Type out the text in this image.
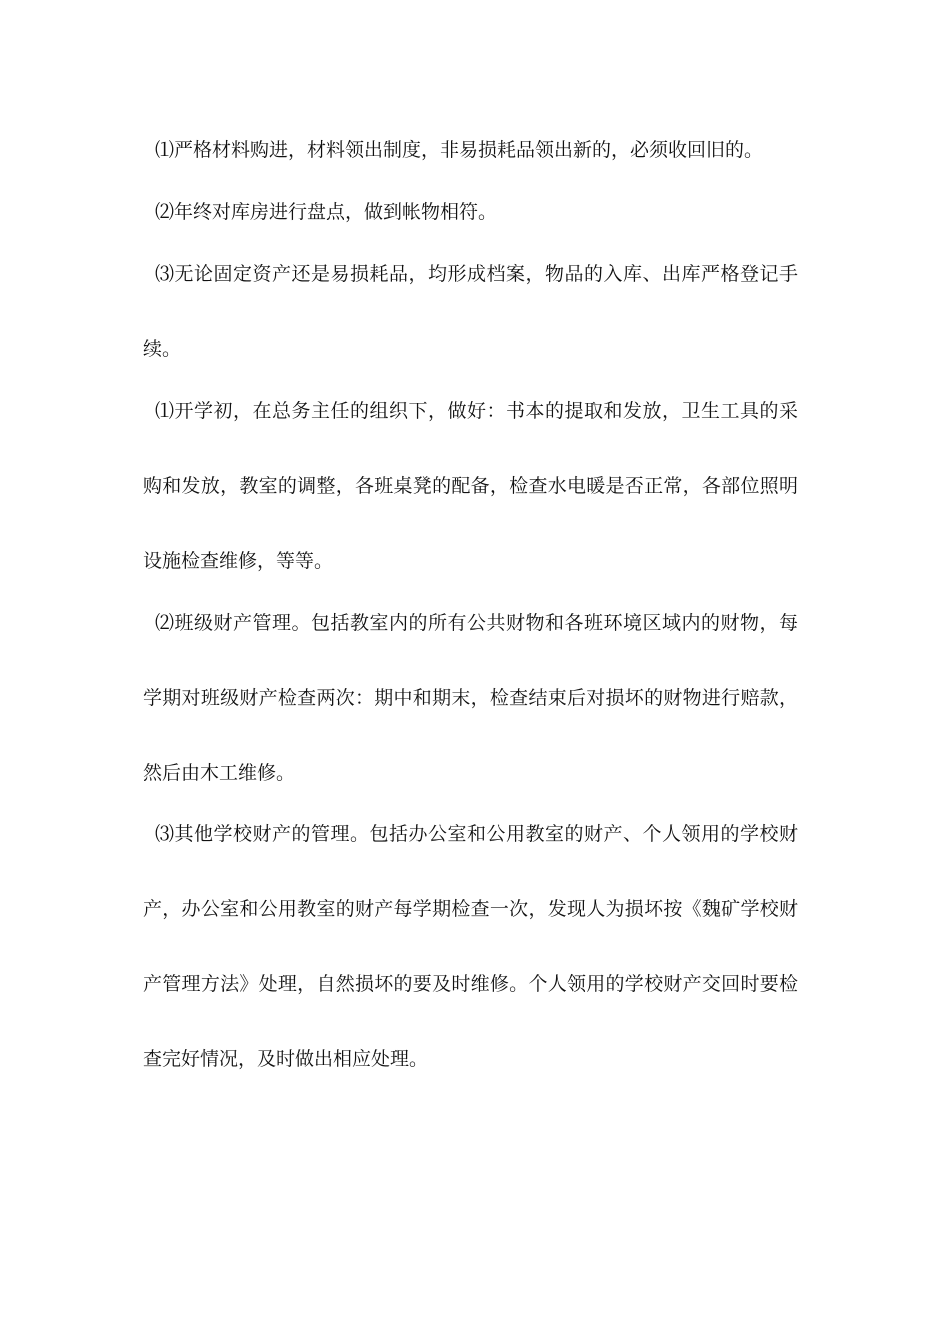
⑴严格材料购进，材料领出制度，非易损耗品领出新的，必须收回旧的。

⑵年终对库房进行盘点，做到帐物相符。

⑶无论固定资产还是易损耗品，均形成档案，物品的入库、出库严格登记手续。

⑴开学初，在总务主任的组织下，做好：书本的提取和发放，卫生工具的采购和发放，教室的调整，各班桌凳的配备，检查水电暖是否正常，各部位照明设施检查维修，等等。

⑵班级财产管理。包括教室内的所有公共财物和各班环境区域内的财物，每学期对班级财产检查两次：期中和期末，检查结束后对损坏的财物进行赔款，然后由木工维修。

⑶其他学校财产的管理。包括办公室和公用教室的财产、个人领用的学校财产，办公室和公用教室的财产每学期检查一次，发现人为损坏按《魏矿学校财产管理方法》处理，自然损坏的要及时维修。个人领用的学校财产交回时要检查完好情况，及时做出相应处理。
